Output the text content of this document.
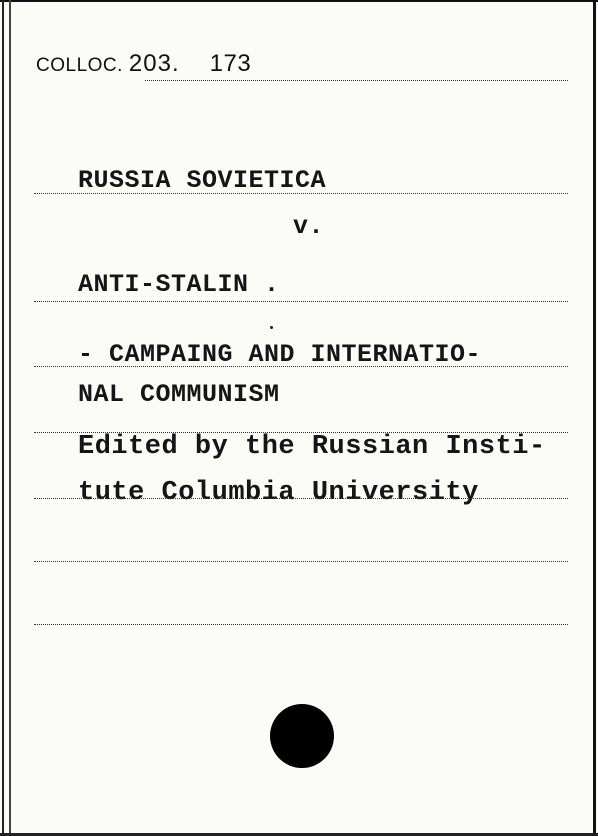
COLLOC. 203. 173
RUSSIA SOVIETICA
v.
ANTI-STALIN .
- CAMPAING AND INTERNATIO-
NAL COMMUNISM
Edited by the Russian Insti-
tute Columbia University
